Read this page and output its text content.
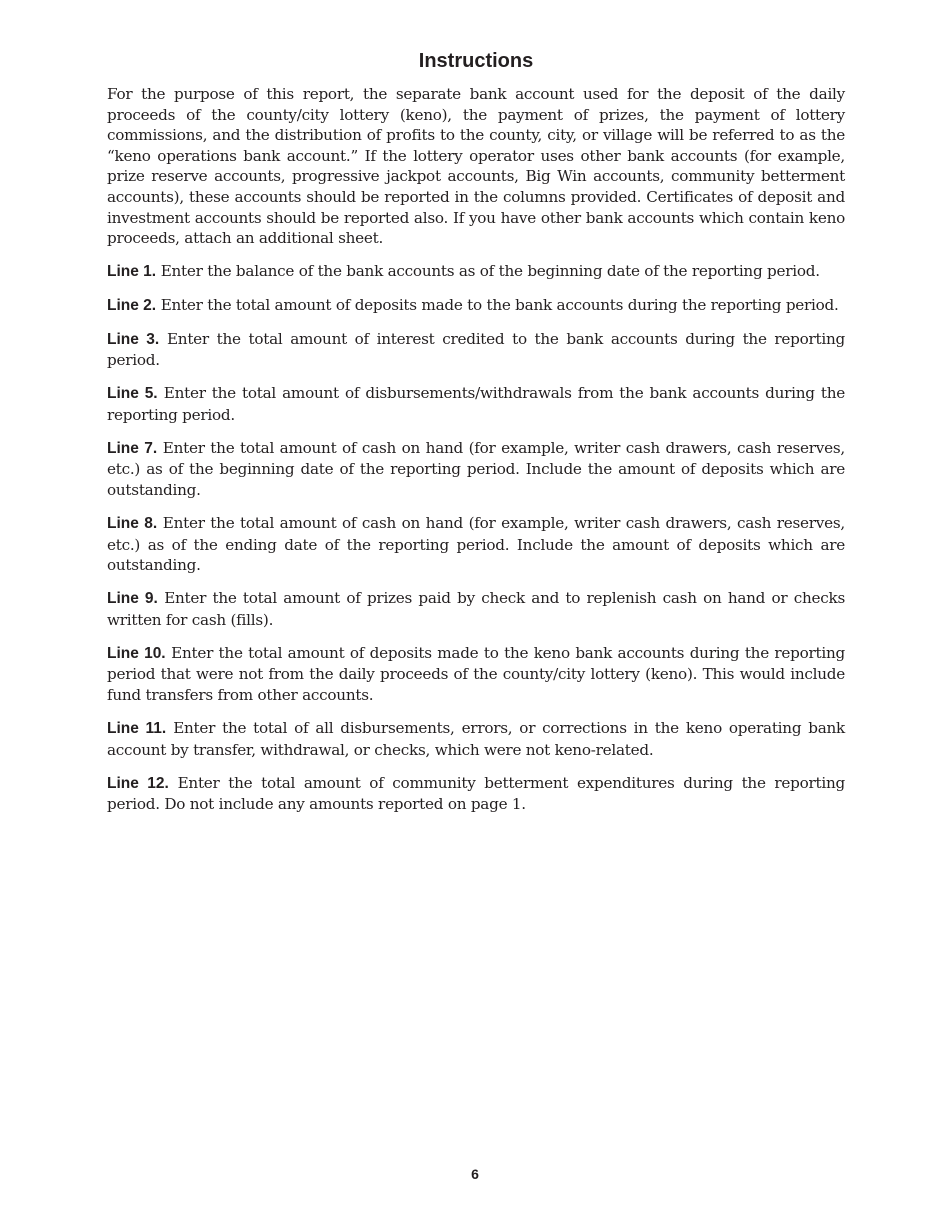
Instructions

For the purpose of this report, the separate bank account used for the deposit of the daily proceeds of the county/city lottery (keno), the payment of prizes, the payment of lottery commissions, and the distribution of profits to the county, city, or village will be referred to as the “keno operations bank account.” If the lottery operator uses other bank accounts (for example, prize reserve accounts, progressive jackpot accounts, Big Win accounts, community betterment accounts), these accounts should be reported in the columns provided. Certificates of deposit and investment accounts should be reported also. If you have other bank accounts which contain keno proceeds, attach an additional sheet.

Line 1. Enter the balance of the bank accounts as of the beginning date of the reporting period.

Line 2. Enter the total amount of deposits made to the bank accounts during the reporting period.

Line 3. Enter the total amount of interest credited to the bank accounts during the reporting period.

Line 5. Enter the total amount of disbursements/withdrawals from the bank accounts during the reporting period.

Line 7. Enter the total amount of cash on hand (for example, writer cash drawers, cash reserves, etc.) as of the beginning date of the reporting period. Include the amount of deposits which are outstanding.

Line 8. Enter the total amount of cash on hand (for example, writer cash drawers, cash reserves, etc.) as of the ending date of the reporting period. Include the amount of deposits which are outstanding.

Line 9. Enter the total amount of prizes paid by check and to replenish cash on hand or checks written for cash (fills).

Line 10. Enter the total amount of deposits made to the keno bank accounts during the reporting period that were not from the daily proceeds of the county/city lottery (keno). This would include fund transfers from other accounts.

Line 11. Enter the total of all disbursements, errors, or corrections in the keno operating bank account by transfer, withdrawal, or checks, which were not keno-related.

Line 12. Enter the total amount of community betterment expenditures during the reporting period. Do not include any amounts reported on page 1.

6
